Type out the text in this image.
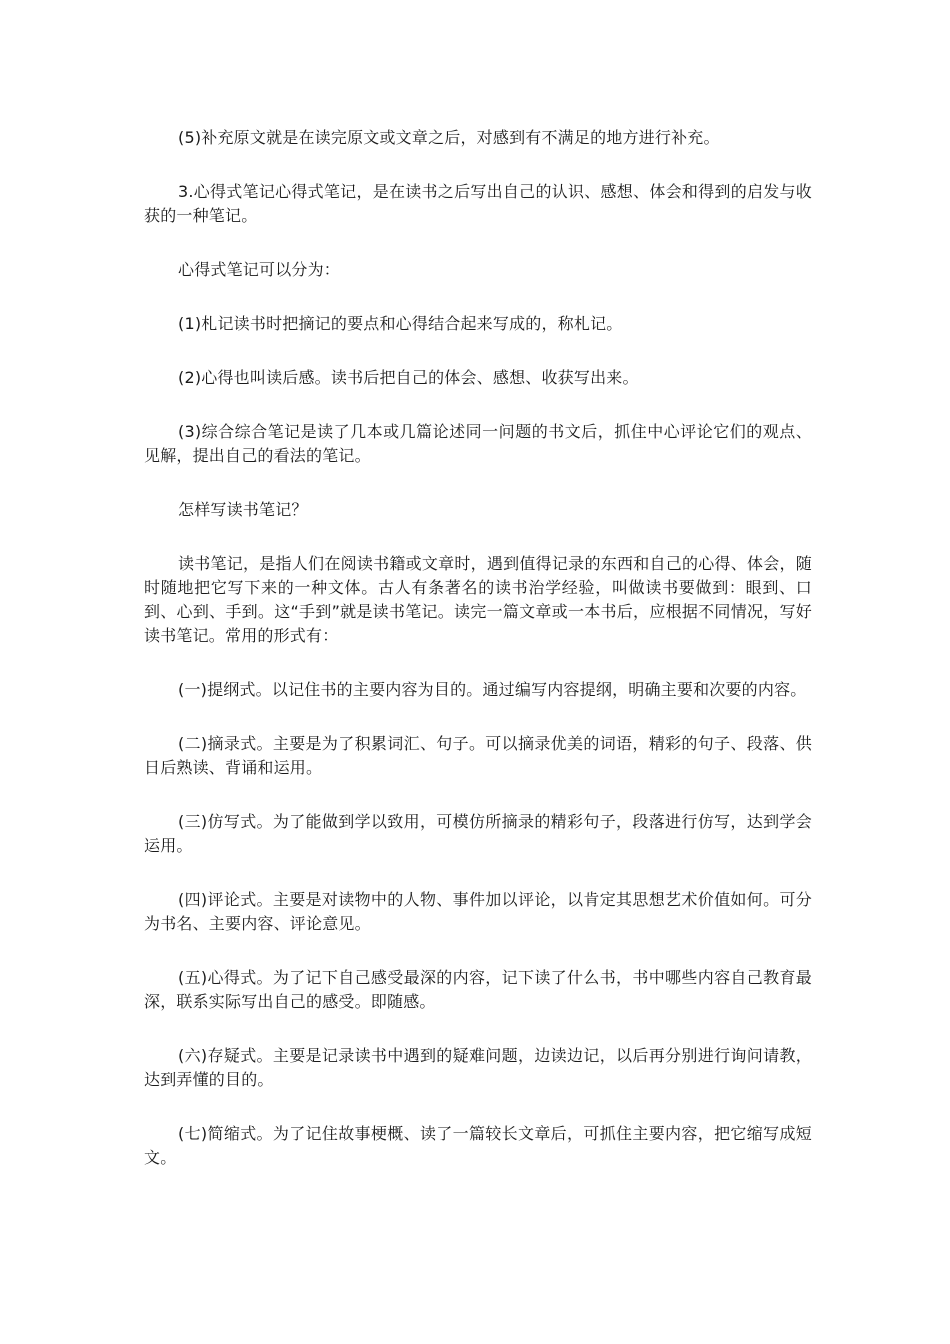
(5)补充原文就是在读完原文或文章之后，对感到有不满足的地方进行补充。

3.心得式笔记心得式笔记，是在读书之后写出自己的认识、感想、体会和得到的启发与收获的一种笔记。

心得式笔记可以分为：

(1)札记读书时把摘记的要点和心得结合起来写成的，称札记。

(2)心得也叫读后感。读书后把自己的体会、感想、收获写出来。

(3)综合综合笔记是读了几本或几篇论述同一问题的书文后，抓住中心评论它们的观点、见解，提出自己的看法的笔记。

怎样写读书笔记？

读书笔记，是指人们在阅读书籍或文章时，遇到值得记录的东西和自己的心得、体会，随时随地把它写下来的一种文体。古人有条著名的读书治学经验，叫做读书要做到：眼到、口到、心到、手到。这“手到”就是读书笔记。读完一篇文章或一本书后，应根据不同情况，写好读书笔记。常用的形式有：

(一)提纲式。以记住书的主要内容为目的。通过编写内容提纲，明确主要和次要的内容。

(二)摘录式。主要是为了积累词汇、句子。可以摘录优美的词语，精彩的句子、段落、供日后熟读、背诵和运用。

(三)仿写式。为了能做到学以致用，可模仿所摘录的精彩句子，段落进行仿写，达到学会运用。

(四)评论式。主要是对读物中的人物、事件加以评论，以肯定其思想艺术价值如何。可分为书名、主要内容、评论意见。

(五)心得式。为了记下自己感受最深的内容，记下读了什么书，书中哪些内容自己教育最深，联系实际写出自己的感受。即随感。

(六)存疑式。主要是记录读书中遇到的疑难问题，边读边记，以后再分别进行询问请教，达到弄懂的目的。

(七)简缩式。为了记住故事梗概、读了一篇较长文章后，可抓住主要内容，把它缩写成短文。
